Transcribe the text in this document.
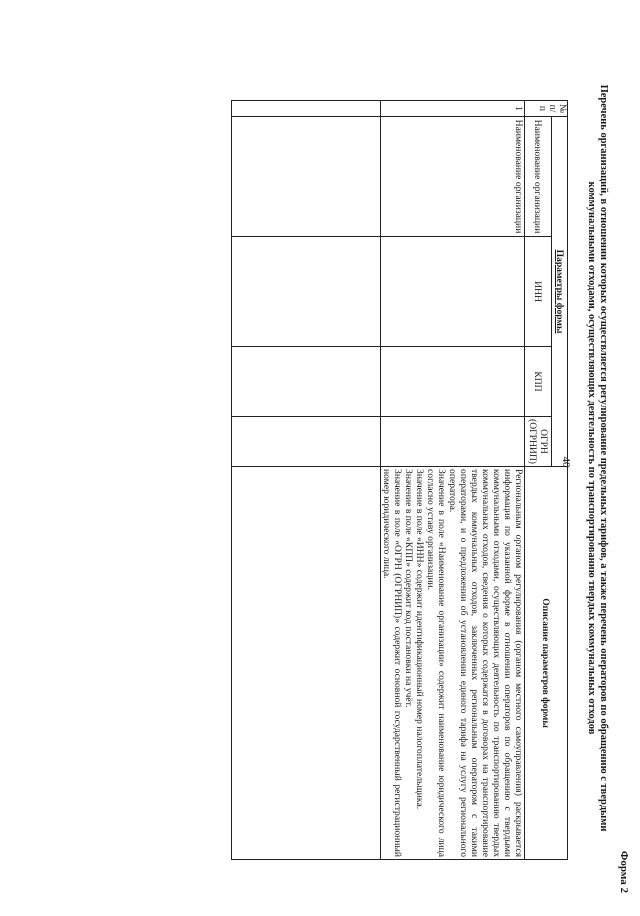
40
Форма 2
Перечень организаций, в отношении которых осуществляется регулирование предельных тарифов, а также перечень операторов по обращению с твердыми коммунальными отходами, осуществляющих деятельность по транспортированию твердых коммунальных отходов
№ п/п	Параметры формы				Описание параметров формы
	Наименование организации	ИНН	КПП	ОГРН (ОГРНИП)	
1	Наименование организации				Региональным органом регулирования (органом местного самоуправления) раскрывается информация по указанной форме в отношении операторов по обращению с твердыми коммунальными отходами, осуществляющих деятельность по транспортированию твердых коммунальных отходов, сведения о которых содержатся в договорах на транспортирование твердых коммунальных отходов, заключенных региональным оператором с такими операторами, и о предложении об установлении единого тарифа на услугу регионального оператора.

Значение в поле «Наименование организации» содержит наименование юридического лица согласно уставу организации.

Значение в поле «ИНН» содержит идентификационный номер налогоплательщика.

Значение в поле «КПП» содержит код постановки на учёт.

Значение в поле «ОГРН (ОГРНИП)» содержит основной государственный регистрационный номер юридического лица.
